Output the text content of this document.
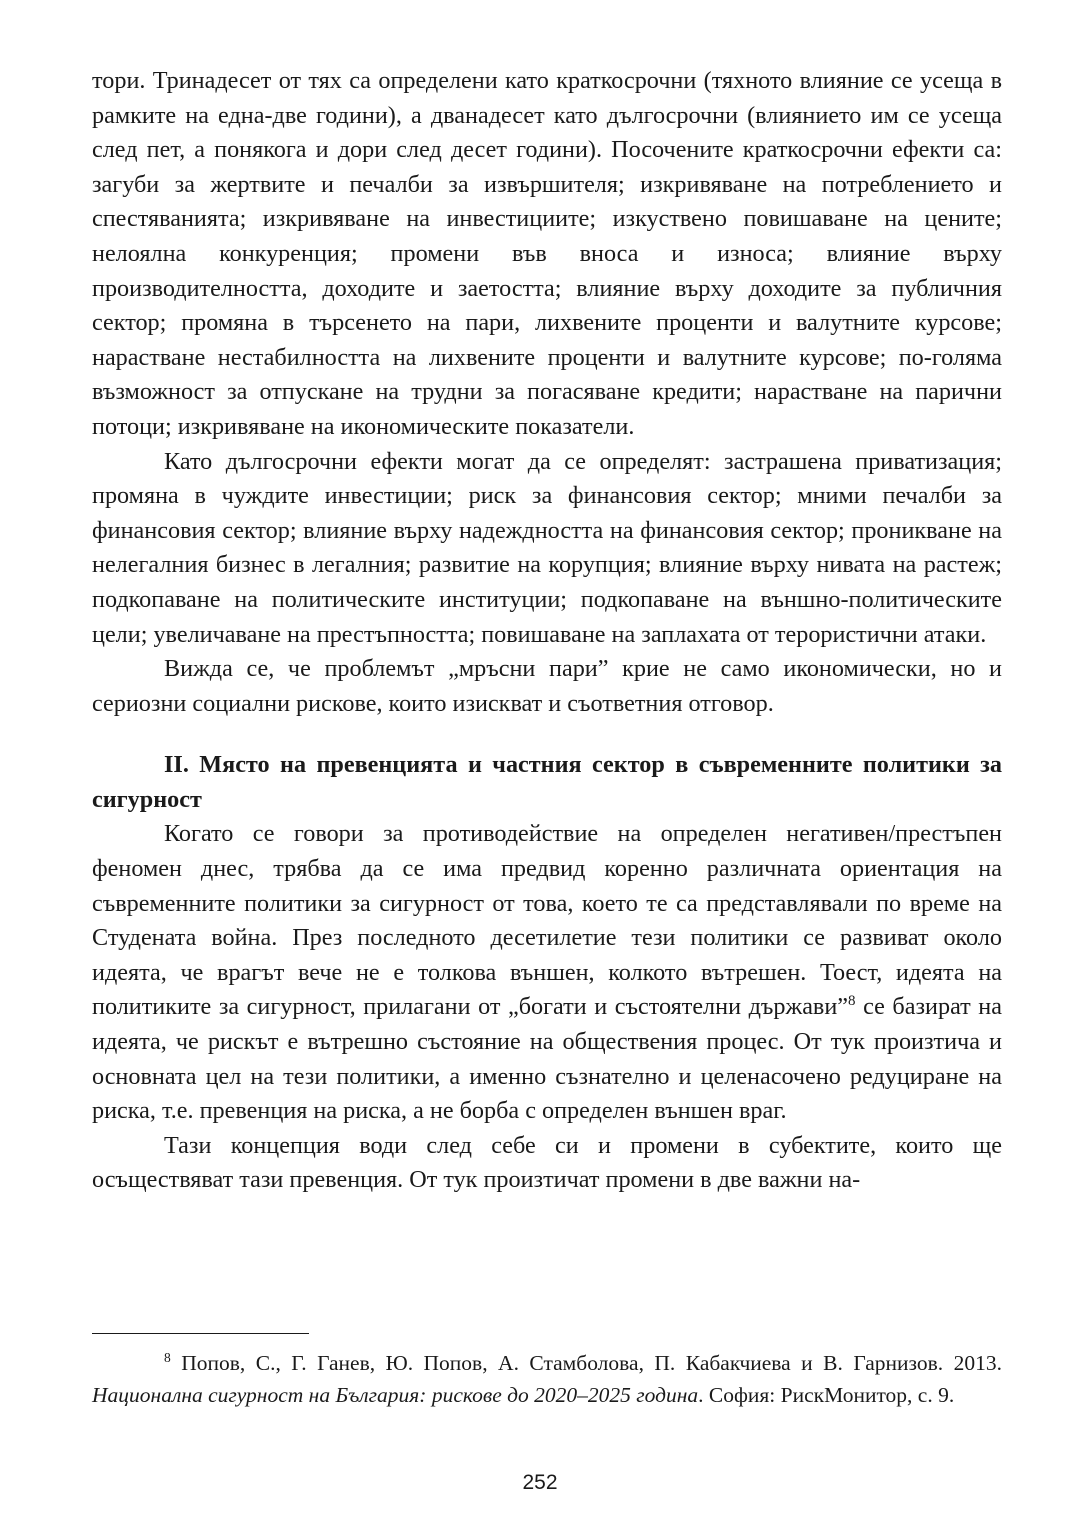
тори. Тринадесет от тях са определени като краткосрочни (тяхното влияние се усеща в рамките на една-две години), а дванадесет като дългосрочни (влиянието им се усеща след пет, а понякога и дори след десет години). Посочените краткосрочни ефекти са: загуби за жертвите и печалби за извършителя; изкривяване на потреблението и спестяванията; изкривяване на инвестициите; изкуствено повишаване на цените; нелоялна конкуренция; промени във вноса и износа; влияние върху производителността, доходите и заетостта; влияние върху доходите за публичния сектор; промяна в търсенето на пари, лихвените проценти и валутните курсове; нарастване нестабилността на лихвените проценти и валутните курсове; по-голяма възможност за отпускане на трудни за погасяване кредити; нарастване на парични потоци; изкривяване на икономическите показатели.

Като дългосрочни ефекти могат да се определят: застрашена приватизация; промяна в чуждите инвестиции; риск за финансовия сектор; мними печалби за финансовия сектор; влияние върху надеждността на финансовия сектор; проникване на нелегалния бизнес в легалния; развитие на корупция; влияние върху нивата на растеж; подкопаване на политическите институции; подкопаване на външно-политическите цели; увеличаване на престъпността; повишаване на заплахата от терористични атаки.

Вижда се, че проблемът „мръсни пари” крие не само икономически, но и сериозни социални рискове, които изискват и съответния отговор.

II. Място на превенцията и частния сектор в съвременните политики за сигурност

Когато се говори за противодействие на определен негативен/престъпен феномен днес, трябва да се има предвид коренно различната ориентация на съвременните политики за сигурност от това, което те са представлявали по време на Студената война. През последното десетилетие тези политики се развиват около идеята, че врагът вече не е толкова външен, колкото вътрешен. Тоест, идеята на политиките за сигурност, прилагани от „богати и състоятелни държави”$^8$ се базират на идеята, че рискът е вътрешно състояние на обществения процес. От тук произтича и основната цел на тези политики, а именно съзнателно и целенасочено редуциране на риска, т.е. превенция на риска, а не борба с определен външен враг.

Тази концепция води след себе си и промени в субектите, които ще осъществяват тази превенция. От тук произтичат промени в две важни на-

$^8$ Попов, С., Г. Ганев, Ю. Попов, А. Стамболова, П. Кабакчиева и В. Гарнизов. 2013. Национална сигурност на България: рискове до 2020–2025 година. София: РискМонитор, с. 9.

252
